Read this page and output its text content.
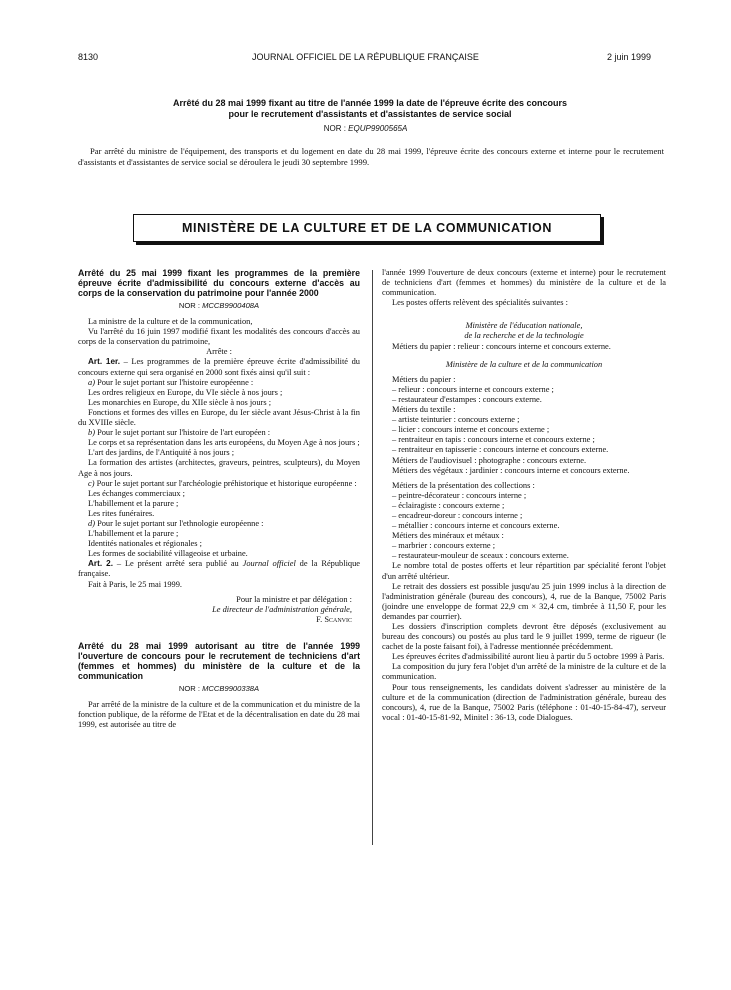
8130	JOURNAL OFFICIEL DE LA RÉPUBLIQUE FRANÇAISE	2 juin 1999
Arrêté du 28 mai 1999 fixant au titre de l'année 1999 la date de l'épreuve écrite des concours
pour le recrutement d'assistants et d'assistantes de service social
NOR : EQUP9900565A

Par arrêté du ministre de l'équipement, des transports et du logement en date du 28 mai 1999, l'épreuve écrite des concours externe et interne pour le recrutement d'assistants et d'assistantes de service social se déroulera le jeudi 30 septembre 1999.

MINISTÈRE DE LA CULTURE ET DE LA COMMUNICATION

Arrêté du 25 mai 1999 fixant les programmes de la première épreuve écrite d'admissibilité du concours externe d'accès au corps de la conservation du patrimoine pour l'année 2000

NOR : MCCB9900408A

La ministre de la culture et de la communication,

Vu l'arrêté du 16 juin 1997 modifié fixant les modalités des concours d'accès au corps de la conservation du patrimoine,

Arrête :

Art. 1er. – Les programmes de la première épreuve écrite d'admissibilité du concours externe qui sera organisé en 2000 sont fixés ainsi qu'il suit :

a) Pour le sujet portant sur l'histoire européenne :

Les ordres religieux en Europe, du VIe siècle à nos jours ;

Les monarchies en Europe, du XIIe siècle à nos jours ;

Fonctions et formes des villes en Europe, du Ier siècle avant Jésus-Christ à la fin du XVIIIe siècle.

b) Pour le sujet portant sur l'histoire de l'art européen :

Le corps et sa représentation dans les arts européens, du Moyen Age à nos jours ;

L'art des jardins, de l'Antiquité à nos jours ;

La formation des artistes (architectes, graveurs, peintres, sculpteurs), du Moyen Age à nos jours.

c) Pour le sujet portant sur l'archéologie préhistorique et historique européenne :

Les échanges commerciaux ;

L'habillement et la parure ;

Les rites funéraires.

d) Pour le sujet portant sur l'ethnologie européenne :

L'habillement et la parure ;

Identités nationales et régionales ;

Les formes de sociabilité villageoise et urbaine.

Art. 2. – Le présent arrêté sera publié au Journal officiel de la République française.

Fait à Paris, le 25 mai 1999.

Pour la ministre et par délégation :

Le directeur de l'administration générale,

F. Scanvic

Arrêté du 28 mai 1999 autorisant au titre de l'année 1999 l'ouverture de concours pour le recrutement de techniciens d'art (femmes et hommes) du ministère de la culture et de la communication

NOR : MCCB9900338A

Par arrêté de la ministre de la culture et de la communication et du ministre de la fonction publique, de la réforme de l'Etat et de la décentralisation en date du 28 mai 1999, est autorisée au titre de

l'année 1999 l'ouverture de deux concours (externe et interne) pour le recrutement de techniciens d'art (femmes et hommes) du ministère de la culture et de la communication.

Les postes offerts relèvent des spécialités suivantes :

Ministère de l'éducation nationale,

de la recherche et de la technologie

Métiers du papier : relieur : concours interne et concours externe.

Ministère de la culture et de la communication

Métiers du papier :

– relieur : concours interne et concours externe ;

– restaurateur d'estampes : concours externe.

Métiers du textile :

– artiste teinturier : concours externe ;

– licier : concours interne et concours externe ;

– rentraiteur en tapis : concours interne et concours externe ;

– rentraiteur en tapisserie : concours interne et concours externe.

Métiers de l'audiovisuel : photographe : concours externe.

Métiers des végétaux : jardinier : concours interne et concours externe.

Métiers de la présentation des collections :

– peintre-décorateur : concours interne ;

– éclairagiste : concours externe ;

– encadreur-doreur : concours interne ;

– métallier : concours interne et concours externe.

Métiers des minéraux et métaux :

– marbrier : concours externe ;

– restaurateur-mouleur de sceaux : concours externe.

Le nombre total de postes offerts et leur répartition par spécialité feront l'objet d'un arrêté ultérieur.

Le retrait des dossiers est possible jusqu'au 25 juin 1999 inclus à la direction de l'administration générale (bureau des concours), 4, rue de la Banque, 75002 Paris (joindre une enveloppe de format 22,9 cm × 32,4 cm, timbrée à 11,50 F, pour les demandes par courrier).

Les dossiers d'inscription complets devront être déposés (exclusivement au bureau des concours) ou postés au plus tard le 9 juillet 1999, terme de rigueur (le cachet de la poste faisant foi), à l'adresse mentionnée précédemment.

Les épreuves écrites d'admissibilité auront lieu à partir du 5 octobre 1999 à Paris.

La composition du jury fera l'objet d'un arrêté de la ministre de la culture et de la communication.

Pour tous renseignements, les candidats doivent s'adresser au ministère de la culture et de la communication (direction de l'administration générale, bureau des concours), 4, rue de la Banque, 75002 Paris (téléphone : 01-40-15-84-47), serveur vocal : 01-40-15-81-92, Minitel : 36-13, code Dialogues.
